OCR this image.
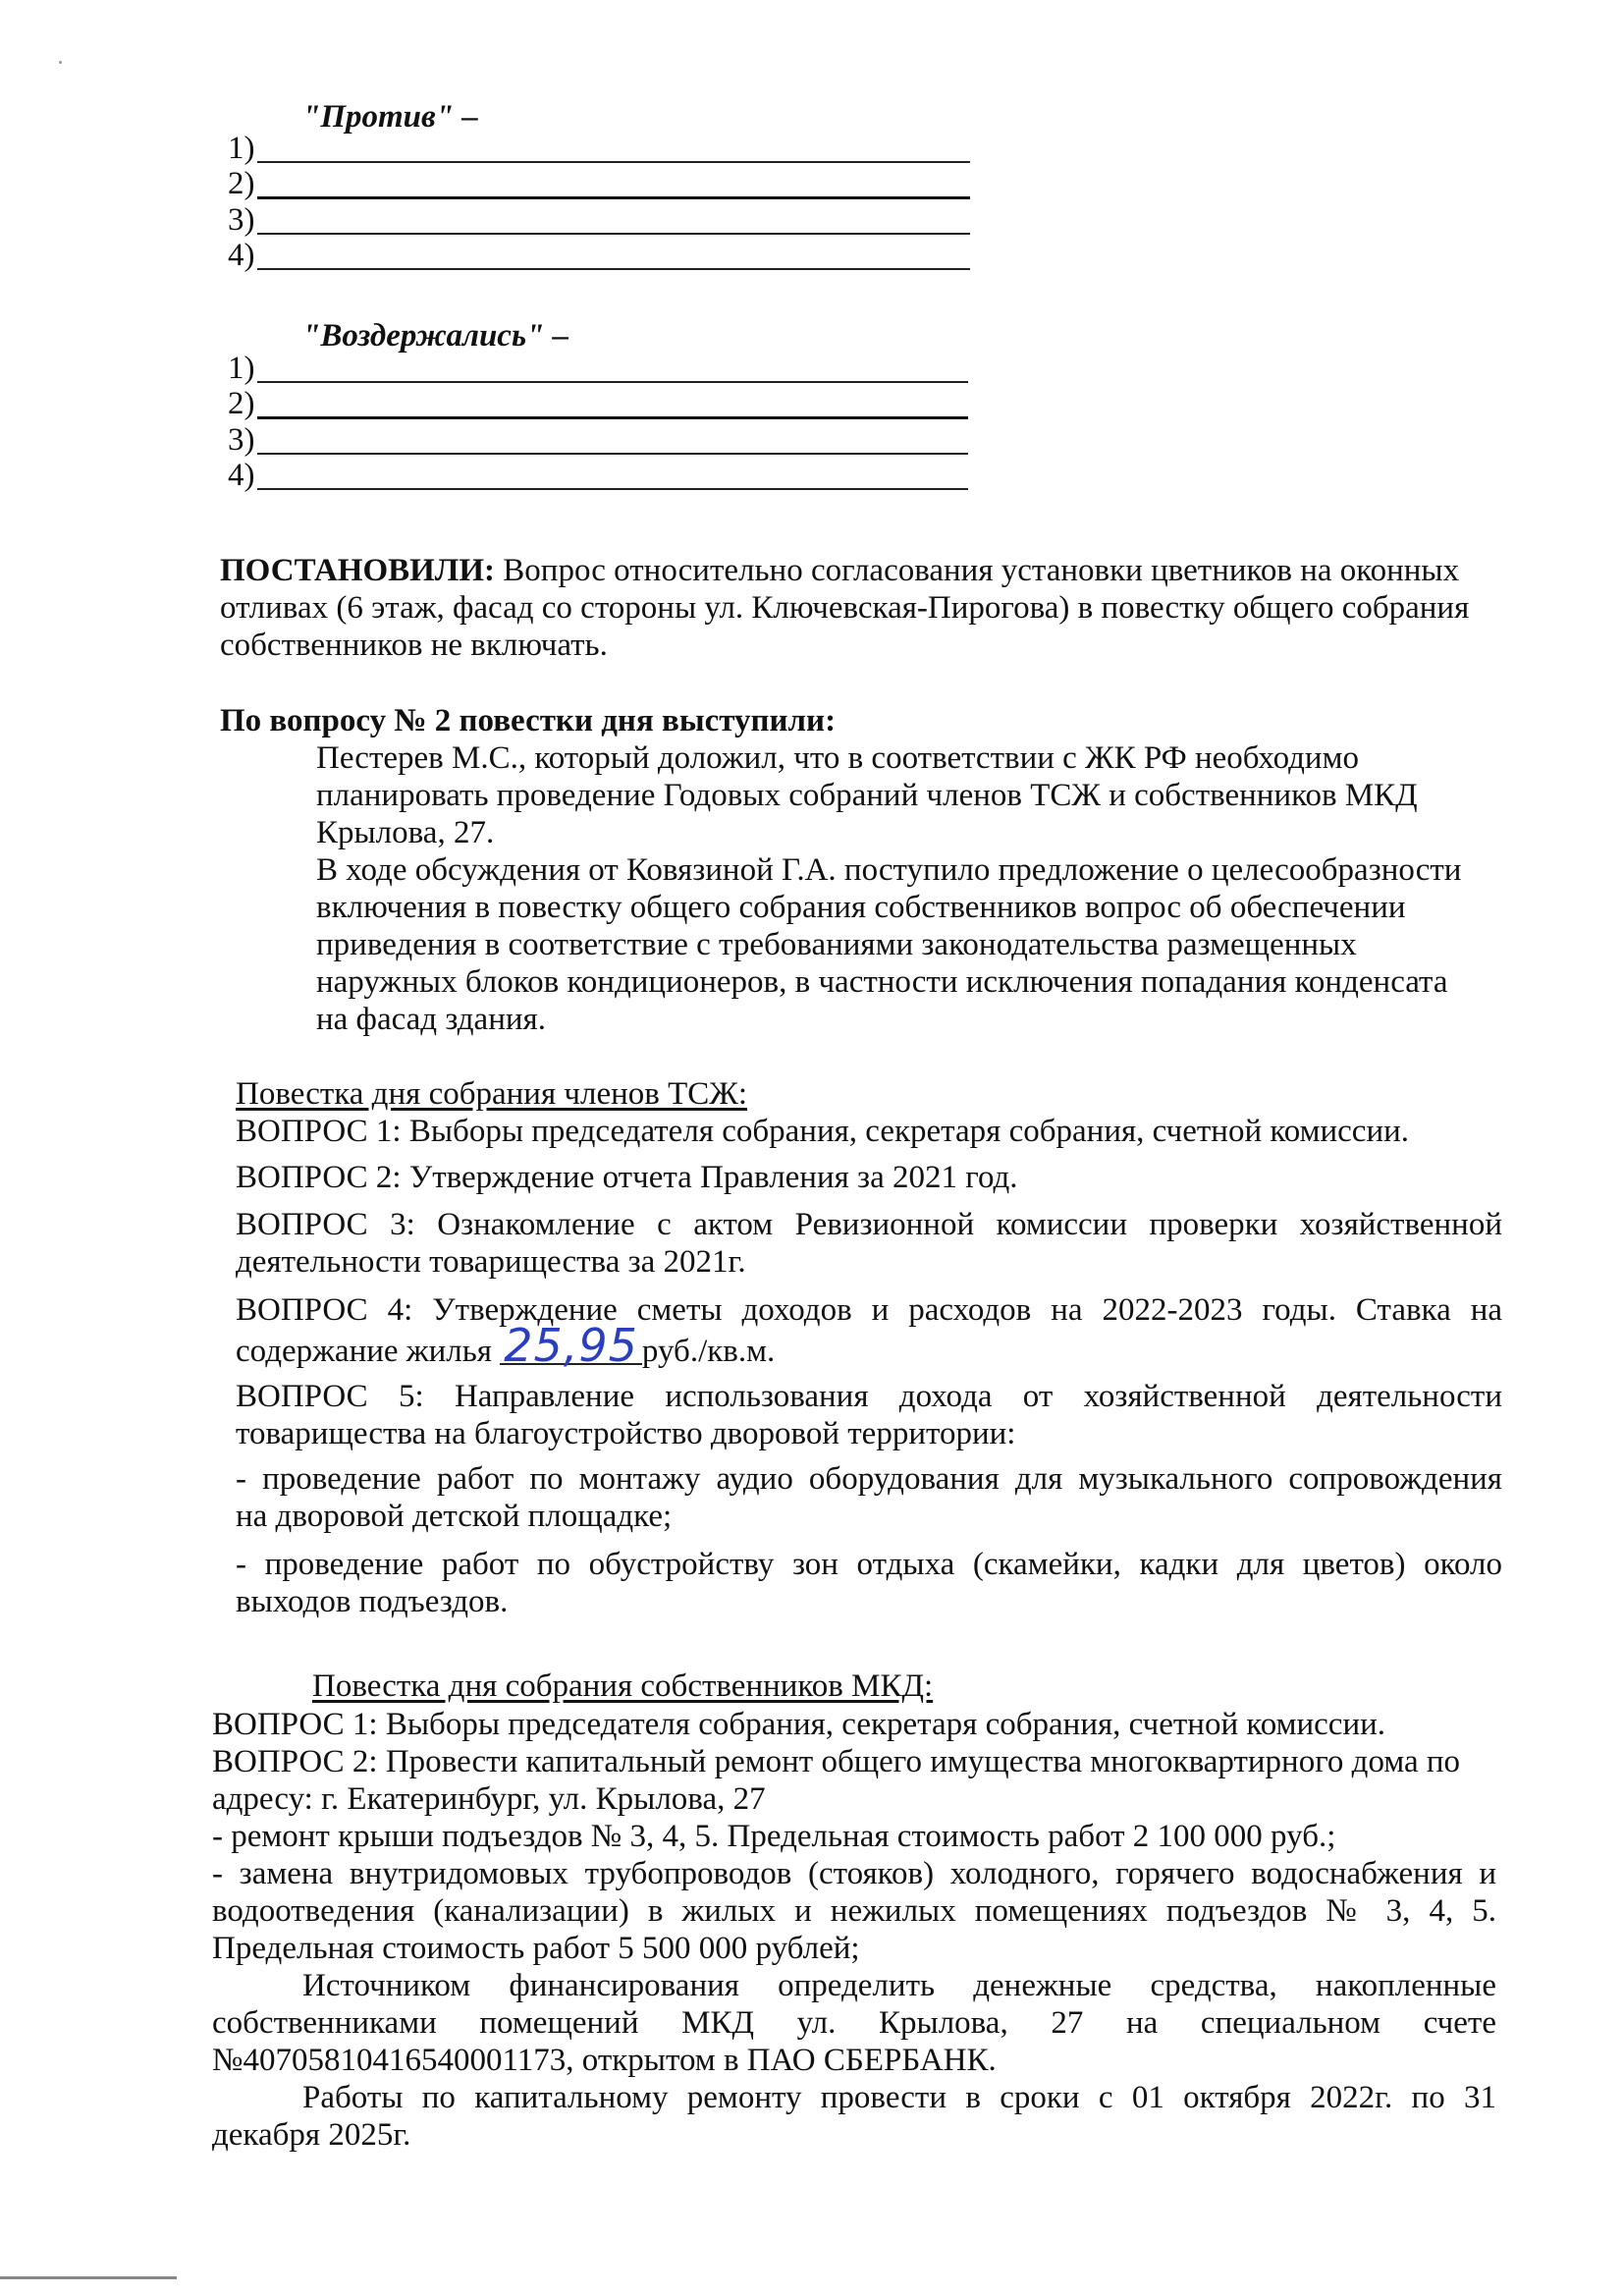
"Против" –
1)
2)
3)
4)
"Воздержались" –
1)
2)
3)
4)
ПОСТАНОВИЛИ: Вопрос относительно согласования установки цветников на оконных
отливах (6 этаж, фасад со стороны ул. Ключевская-Пирогова) в повестку общего собрания
собственников не включать.
По вопросу № 2 повестки дня выступили:
Пестерев М.С., который доложил, что в соответствии с ЖК РФ необходимо
планировать проведение Годовых собраний членов ТСЖ и собственников МКД
Крылова, 27.
В ходе обсуждения от Ковязиной Г.А. поступило предложение о целесообразности
включения в повестку общего собрания собственников вопрос об обеспечении
приведения в соответствие с требованиями законодательства размещенных
наружных блоков кондиционеров, в частности исключения попадания конденсата
на фасад здания.
Повестка дня собрания членов ТСЖ:
ВОПРОС 1: Выборы председателя собрания, секретаря собрания, счетной комиссии.
ВОПРОС 2: Утверждение отчета Правления за 2021 год.
ВОПРОС 3: Ознакомление с актом Ревизионной комиссии проверки хозяйственной
деятельности товарищества за 2021г.
ВОПРОС 4: Утверждение сметы доходов и расходов на 2022-2023 годы. Ставка на
содержание жилья 25,95 руб./кв.м.
ВОПРОС 5: Направление использования дохода от хозяйственной деятельности
товарищества на благоустройство дворовой территории:
- проведение работ по монтажу аудио оборудования для музыкального сопровождения
на дворовой детской площадке;
- проведение работ по обустройству зон отдыха (скамейки, кадки для цветов) около
выходов подъездов.
Повестка дня собрания собственников МКД:
ВОПРОС 1: Выборы председателя собрания, секретаря собрания, счетной комиссии.
ВОПРОС 2: Провести капитальный ремонт общего имущества многоквартирного дома по
адресу: г. Екатеринбург, ул. Крылова, 27
- ремонт крыши подъездов № 3, 4, 5. Предельная стоимость работ 2 100 000 руб.;
- замена внутридомовых трубопроводов (стояков) холодного, горячего водоснабжения и
водоотведения (канализации) в жилых и нежилых помещениях подъездов № 3, 4, 5.
Предельная стоимость работ 5 500 000 рублей;
Источником финансирования определить денежные средства, накопленные
собственниками помещений МКД ул. Крылова, 27 на специальном счете
№40705810416540001173, открытом в ПАО СБЕРБАНК.
Работы по капитальному ремонту провести в сроки с 01 октября 2022г. по 31
декабря 2025г.
